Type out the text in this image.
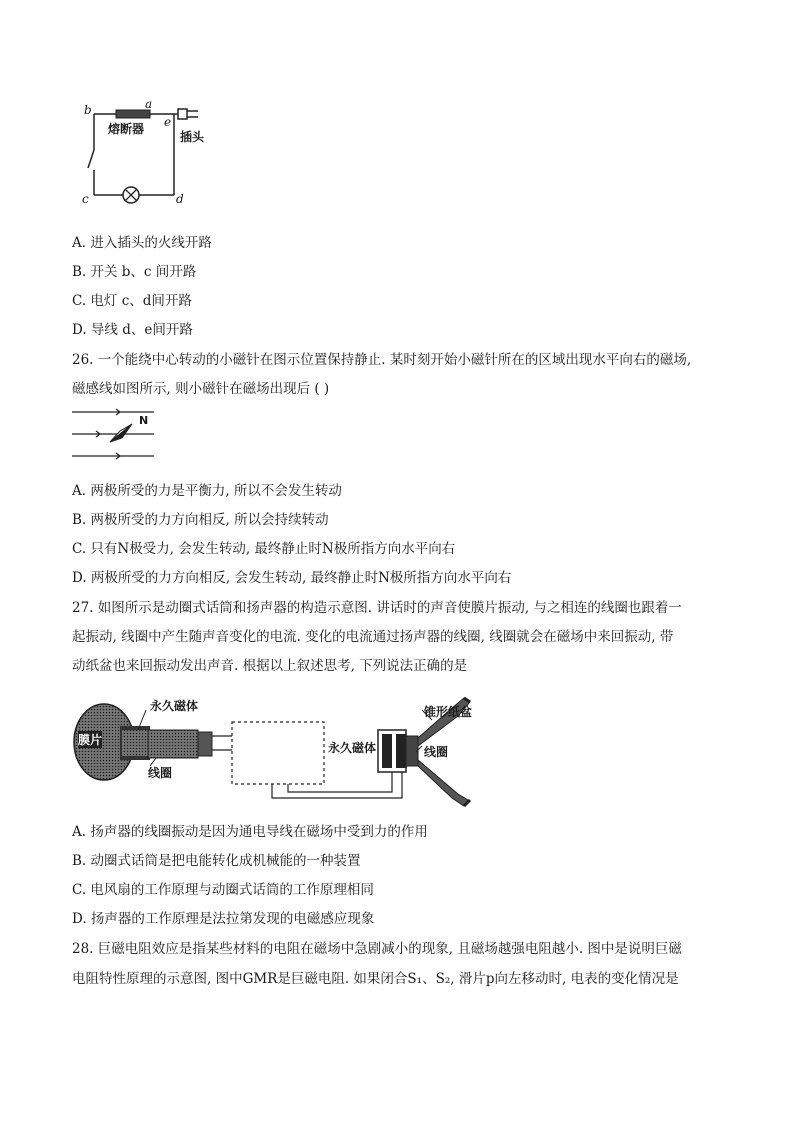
b	a
e
c	d
熔断器
插头
A. 进入插头的火线开路
B. 开关 b、c 间开路
C. 电灯 c、d间开路
D. 导线 d、e间开路
26. 一个能绕中心转动的小磁针在图示位置保持静止. 某时刻开始小磁针所在的区域出现水平向右的磁场,
磁感线如图所示, 则小磁针在磁场出现后 ( )
N
A. 两极所受的力是平衡力, 所以不会发生转动
B. 两极所受的力方向相反, 所以会持续转动
C. 只有N极受力, 会发生转动, 最终静止时N极所指方向水平向右
D. 两极所受的力方向相反, 会发生转动, 最终静止时N极所指方向水平向右
27. 如图所示是动圈式话筒和扬声器的构造示意图. 讲话时的声音使膜片振动, 与之相连的线圈也跟着一
起振动, 线圈中产生随声音变化的电流. 变化的电流通过扬声器的线圈, 线圈就会在磁场中来回振动, 带
动纸盆也来回振动发出声音. 根据以上叙述思考, 下列说法正确的是
永久磁体
膜片
线圈
永久磁体
锥形纸盆
线圈
A. 扬声器的线圈振动是因为通电导线在磁场中受到力的作用
B. 动圈式话筒是把电能转化成机械能的一种装置
C. 电风扇的工作原理与动圈式话筒的工作原理相同
D. 扬声器的工作原理是法拉第发现的电磁感应现象
28. 巨磁电阻效应是指某些材料的电阻在磁场中急剧减小的现象, 且磁场越强电阻越小. 图中是说明巨磁
电阻特性原理的示意图, 图中GMR是巨磁电阻. 如果闭合S₁、S₂, 滑片p向左移动时, 电表的变化情况是
